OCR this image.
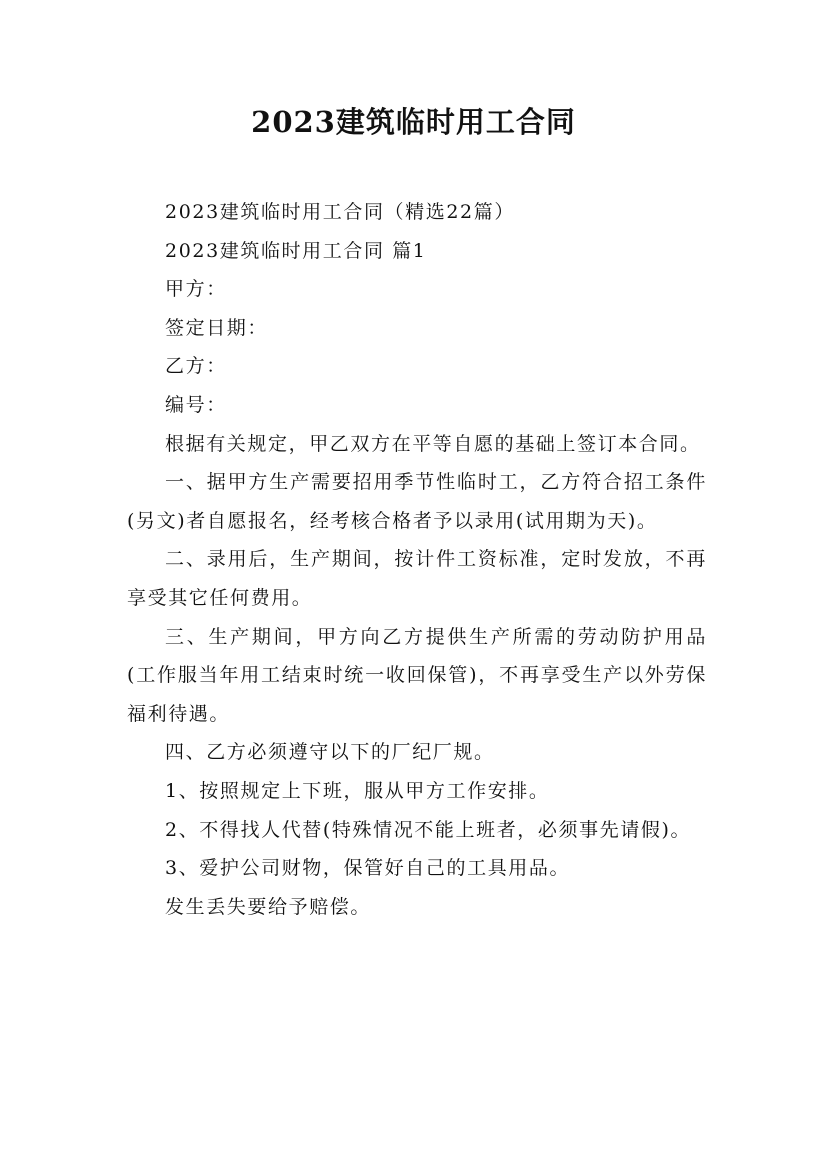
2023建筑临时用工合同

2023建筑临时用工合同（精选22篇）

2023建筑临时用工合同 篇1

甲方：

签定日期：

乙方：

编号：

根据有关规定，甲乙双方在平等自愿的基础上签订本合同。

一、据甲方生产需要招用季节性临时工，乙方符合招工条件(另文)者自愿报名，经考核合格者予以录用(试用期为天)。

二、录用后，生产期间，按计件工资标准，定时发放，不再享受其它任何费用。

三、生产期间，甲方向乙方提供生产所需的劳动防护用品(工作服当年用工结束时统一收回保管)，不再享受生产以外劳保福利待遇。

四、乙方必须遵守以下的厂纪厂规。

1、按照规定上下班，服从甲方工作安排。

2、不得找人代替(特殊情况不能上班者，必须事先请假)。

3、爱护公司财物，保管好自己的工具用品。

发生丢失要给予赔偿。
